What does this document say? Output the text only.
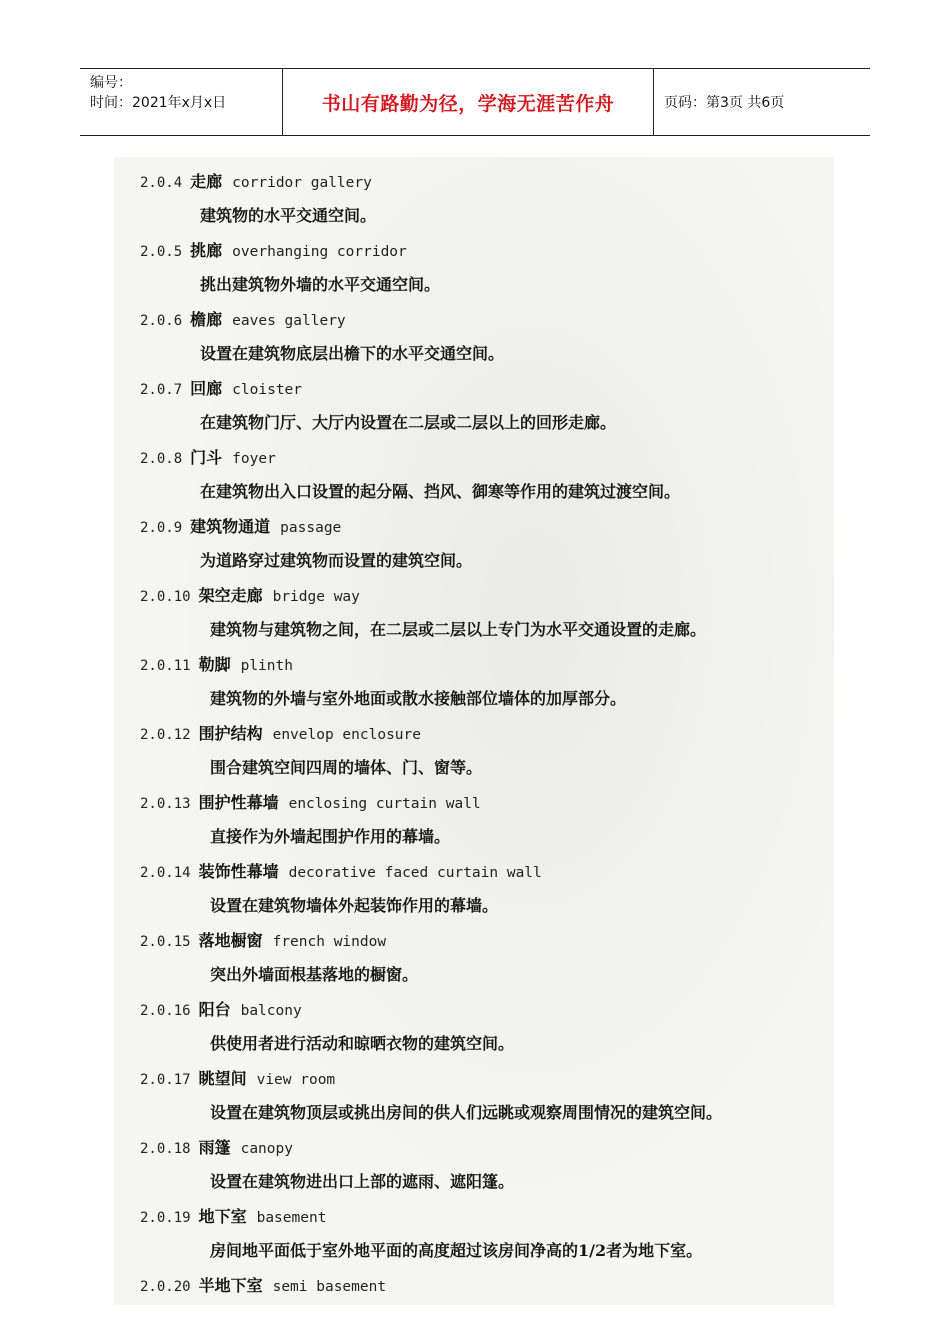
编号：
时间：2021年x月x日	书山有路勤为径，学海无涯苦作舟	页码：第3页 共6页
2.0.4 走廊 corridor gallery
建筑物的水平交通空间。
2.0.5 挑廊 overhanging corridor
挑出建筑物外墙的水平交通空间。
2.0.6 檐廊 eaves gallery
设置在建筑物底层出檐下的水平交通空间。
2.0.7 回廊 cloister
在建筑物门厅、大厅内设置在二层或二层以上的回形走廊。
2.0.8 门斗 foyer
在建筑物出入口设置的起分隔、挡风、御寒等作用的建筑过渡空间。
2.0.9 建筑物通道 passage
为道路穿过建筑物而设置的建筑空间。
2.0.10 架空走廊 bridge way
建筑物与建筑物之间，在二层或二层以上专门为水平交通设置的走廊。
2.0.11 勒脚 plinth
建筑物的外墙与室外地面或散水接触部位墙体的加厚部分。
2.0.12 围护结构 envelop enclosure
围合建筑空间四周的墙体、门、窗等。
2.0.13 围护性幕墙 enclosing curtain wall
直接作为外墙起围护作用的幕墙。
2.0.14 装饰性幕墙 decorative faced curtain wall
设置在建筑物墙体外起装饰作用的幕墙。
2.0.15 落地橱窗 french window
突出外墙面根基落地的橱窗。
2.0.16 阳台 balcony
供使用者进行活动和晾晒衣物的建筑空间。
2.0.17 眺望间 view room
设置在建筑物顶层或挑出房间的供人们远眺或观察周围情况的建筑空间。
2.0.18 雨篷 canopy
设置在建筑物进出口上部的遮雨、遮阳篷。
2.0.19 地下室 basement
房间地平面低于室外地平面的高度超过该房间净高的1/2者为地下室。
2.0.20 半地下室 semi basement
